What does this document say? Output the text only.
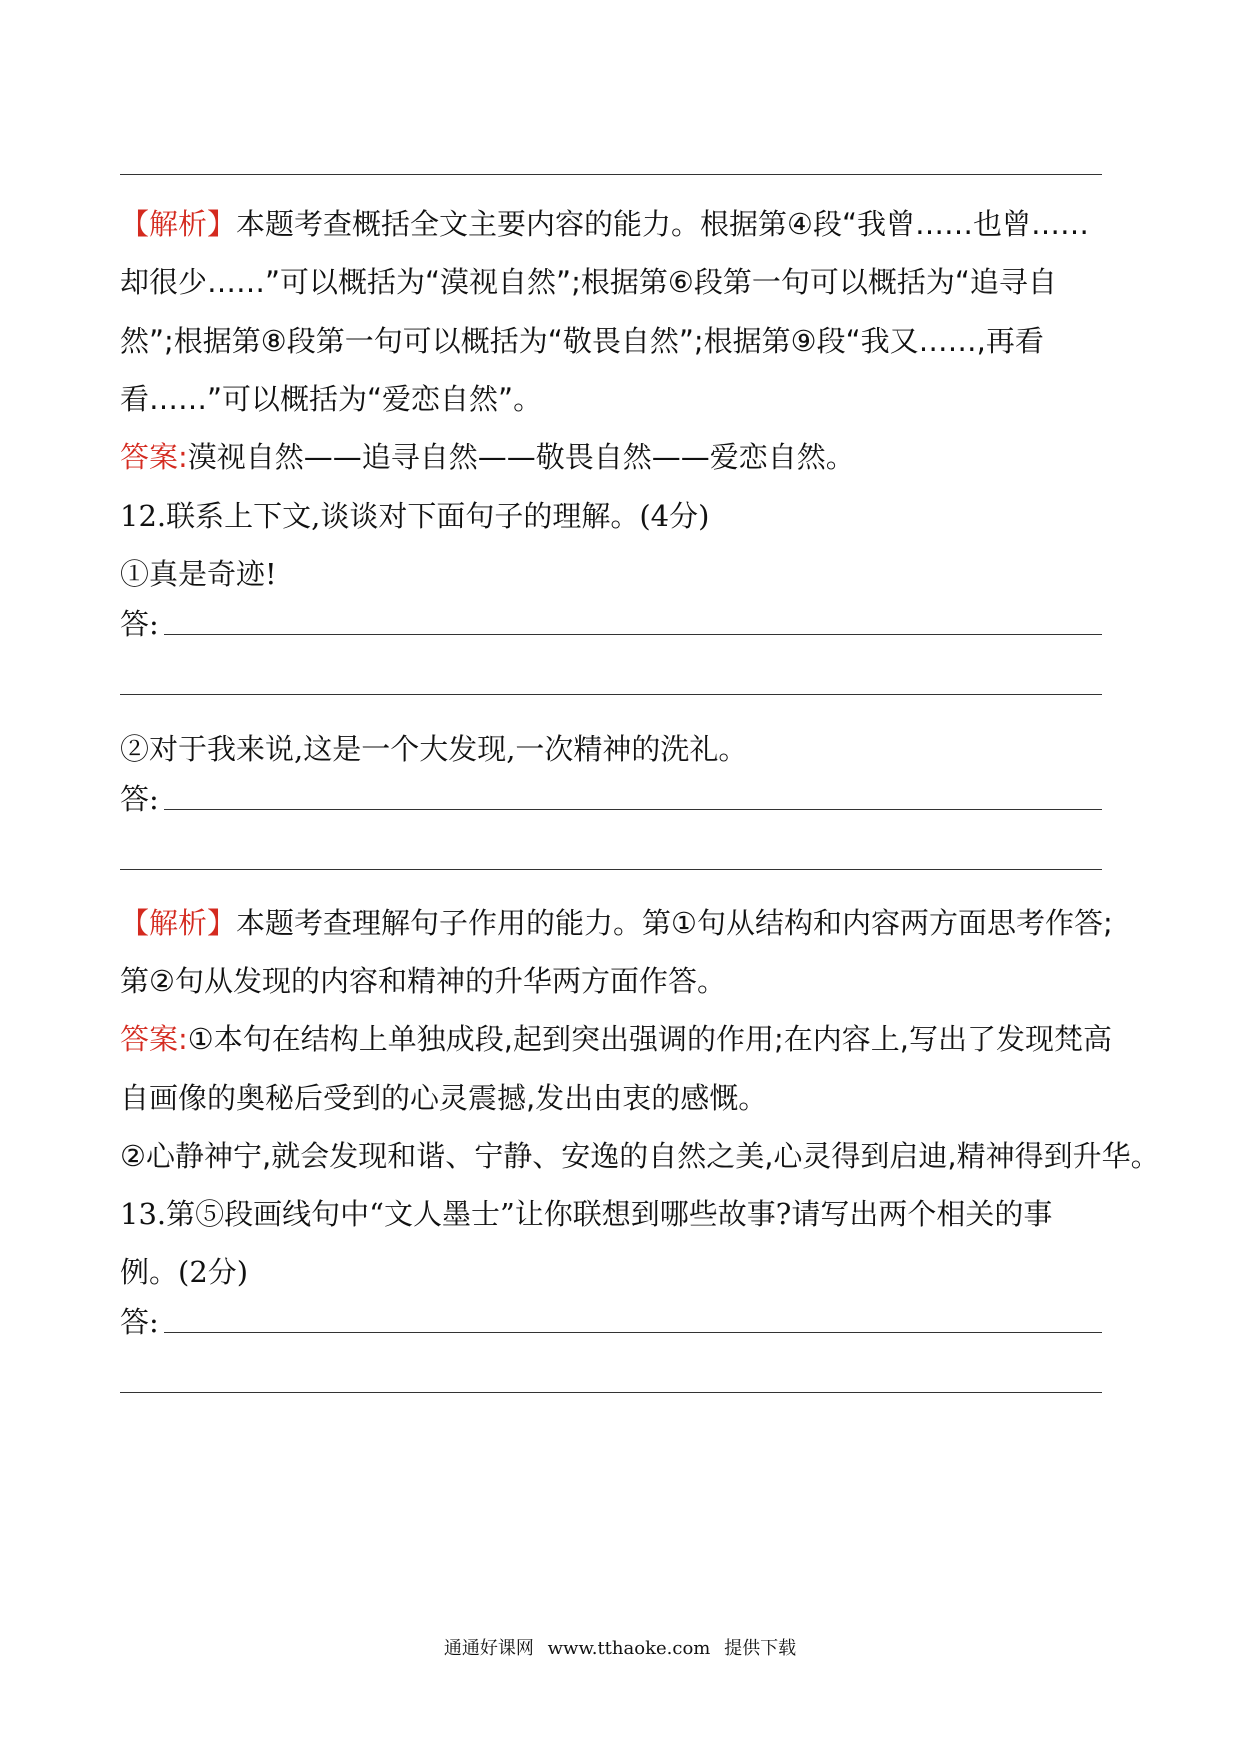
【解析】本题考查概括全文主要内容的能力。根据第④段“我曾……也曾……
却很少……”可以概括为“漠视自然”;根据第⑥段第一句可以概括为“追寻自
然”;根据第⑧段第一句可以概括为“敬畏自然”;根据第⑨段“我又……,再看
看……”可以概括为“爱恋自然”。
答案:漠视自然——追寻自然——敬畏自然——爱恋自然。
12.联系上下文,谈谈对下面句子的理解。(4分)
①真是奇迹!
答:
②对于我来说,这是一个大发现,一次精神的洗礼。
答:
【解析】本题考查理解句子作用的能力。第①句从结构和内容两方面思考作答;
第②句从发现的内容和精神的升华两方面作答。
答案:①本句在结构上单独成段,起到突出强调的作用;在内容上,写出了发现梵高
自画像的奥秘后受到的心灵震撼,发出由衷的感慨。
②心静神宁,就会发现和谐、宁静、安逸的自然之美,心灵得到启迪,精神得到升华。
13.第⑤段画线句中“文人墨士”让你联想到哪些故事?请写出两个相关的事
例。(2分)
答:
通通好课网 www.tthaoke.com 提供下载
